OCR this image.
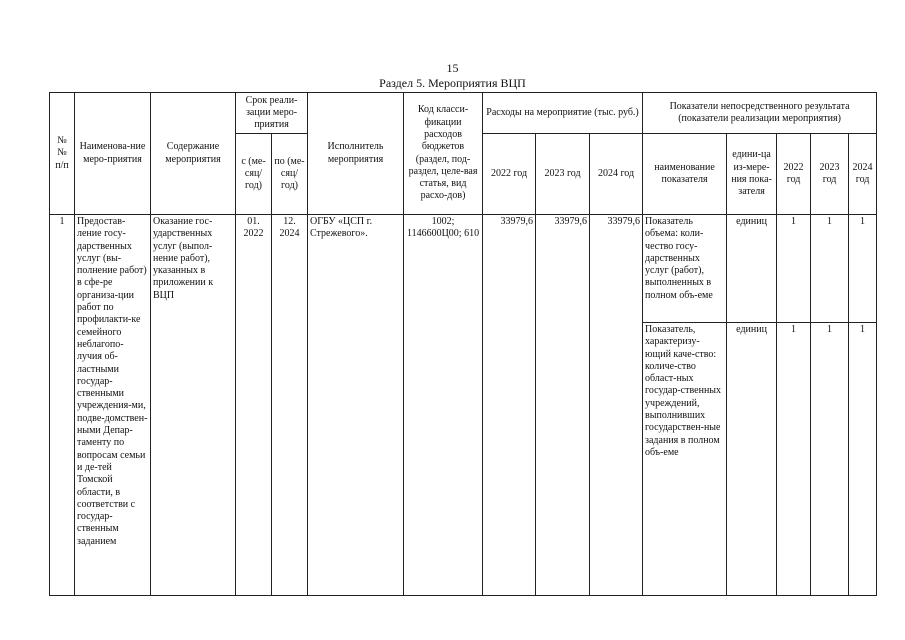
15
Раздел 5. Мероприятия ВЦП
№ № п/п	Наименова-ние меро-приятия	Содержание мероприятия	Срок реали-зации меро-приятия		Исполнитель мероприятия	Код класси-фикации расходов бюджетов (раздел, под-раздел, целе-вая статья, вид расхо-дов)	Расходы на мероприятие (тыс. руб.)			Показатели непосредственного результата (показатели реализации мероприятия)				
			с (ме-сяц/ год)	по (ме-сяц/ год)			2022 год	2023 год	2024 год	наименование показателя	едини-ца из-мере-ния пока-зателя	2022 год	2023 год	2024 год
1	Предостав-ление госу-дарственных услуг (вы-полнение работ) в сфе-ре организа-ции работ по профилакти-ке семейного неблагопо-лучия об-ластными государ-ственными учреждения-ми, подве-домствен-ными Депар-таменту по вопросам семьи и де-тей Томской области, в соответстви с государ-ственным заданием	Оказание гос-ударственных услуг (выпол-нение работ), указанных в приложении к ВЦП	01. 2022	12. 2024	ОГБУ «ЦСП г. Стрежевого».	1002; 1146600Ц00; 610	33979,6	33979,6	33979,6	Показатель объема: коли-чество госу-дарственных услуг (работ), выполненных в полном объ-еме	единиц	1	1	1
										Показатель, характеризу-ющий каче-ство: количе-ство област-ных государ-ственных учреждений, выполнивших государствен-ные задания в полном объ-еме	единиц	1	1	1
